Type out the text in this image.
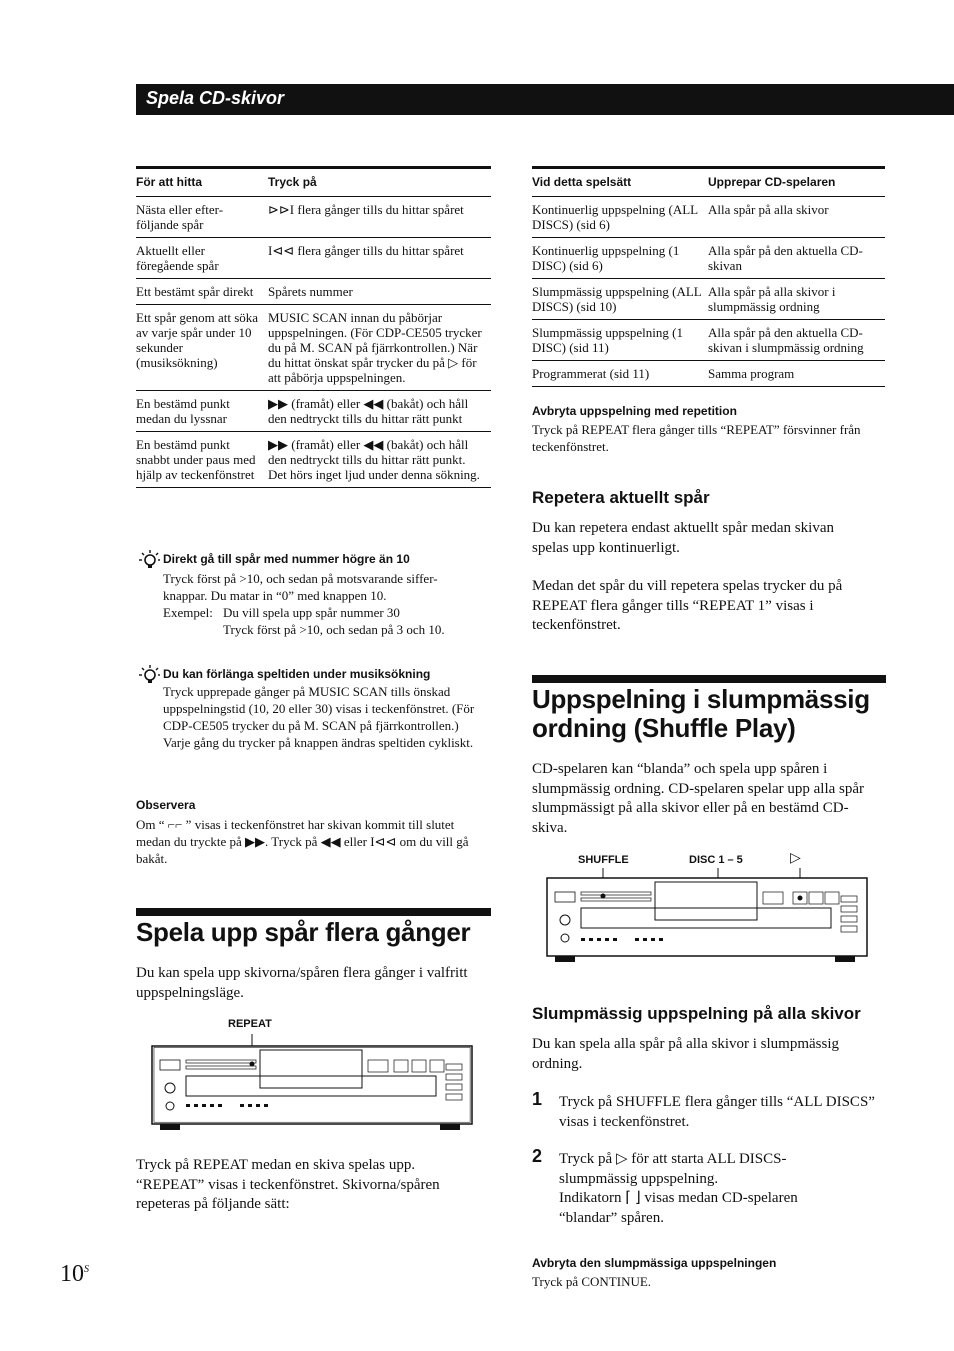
Spela CD-skivor
För att hitta	Tryck på
Nästa eller efter-följande spår	⊳⊳I flera gånger tills du hittar spåret
Aktuellt eller föregående spår	I⊲⊲ flera gånger tills du hittar spåret
Ett bestämt spår direkt	Spårets nummer
Ett spår genom att söka av varje spår under 10 sekunder (musiksökning)	MUSIC SCAN innan du påbörjar uppspelningen. (För CDP-CE505 trycker du på M. SCAN på fjärrkontrollen.) När du hittat önskat spår trycker du på ▷ för att påbörja uppspelningen.
En bestämd punkt medan du lyssnar	▶▶ (framåt) eller ◀◀ (bakåt) och håll den nedtryckt tills du hittar rätt punkt
En bestämd punkt snabbt under paus med hjälp av teckenfönstret	▶▶ (framåt) eller ◀◀ (bakåt) och håll den nedtryckt tills du hittar rätt punkt. Det hörs inget ljud under denna sökning.
Direkt gå till spår med nummer högre än 10
Tryck först på >10, och sedan på motsvarande siffer-
knappar. Du matar in “0” med knappen 10.
Exempel: Du vill spela upp spår nummer 30
Tryck först på >10, och sedan på 3 och 10.
Du kan förlänga speltiden under musiksökning
Tryck upprepade gånger på MUSIC SCAN tills önskad uppspelningstid (10, 20 eller 30) visas i teckenfönstret. (För CDP-CE505 trycker du på M. SCAN på fjärrkontrollen.) Varje gång du trycker på knappen ändras speltiden cykliskt.
Observera
Om “ ⌐⌐ ” visas i teckenfönstret har skivan kommit till slutet medan du tryckte på ▶▶. Tryck på ◀◀ eller I⊲⊲ om du vill gå bakåt.
Spela upp spår flera gånger
Du kan spela upp skivorna/spåren flera gånger i valfritt uppspelningsläge.
REPEAT
Tryck på REPEAT medan en skiva spelas upp. “REPEAT” visas i teckenfönstret. Skivorna/spåren repeteras på följande sätt:
Vid detta spelsätt	Upprepar CD-spelaren
Kontinuerlig uppspelning (ALL DISCS) (sid 6)	Alla spår på alla skivor
Kontinuerlig uppspelning (1 DISC) (sid 6)	Alla spår på den aktuella CD-skivan
Slumpmässig uppspelning (ALL DISCS) (sid 10)	Alla spår på alla skivor i slumpmässig ordning
Slumpmässig uppspelning (1 DISC) (sid 11)	Alla spår på den aktuella CD-skivan i slumpmässig ordning
Programmerat (sid 11)	Samma program
Avbryta uppspelning med repetition
Tryck på REPEAT flera gånger tills “REPEAT” försvinner från teckenfönstret.
Repetera aktuellt spår
Du kan repetera endast aktuellt spår medan skivan spelas upp kontinuerligt.
Medan det spår du vill repetera spelas trycker du på REPEAT flera gånger tills “REPEAT 1” visas i teckenfönstret.
Uppspelning i slumpmässig
ordning (Shuffle Play)
CD-spelaren kan “blanda” och spela upp spåren i slumpmässig ordning. CD-spelaren spelar upp alla spår slumpmässigt på alla skivor eller på en bestämd CD-skiva.
SHUFFLE	DISC 1 – 5	▷
Slumpmässig uppspelning på alla skivor
Du kan spela alla spår på alla skivor i slumpmässig ordning.
1 Tryck på SHUFFLE flera gånger tills “ALL DISCS” visas i teckenfönstret.
2 Tryck på ▷ för att starta ALL DISCS-
slumpmässig uppspelning.
Indikatorn ⌈ ⌋ visas medan CD-spelaren
“blandar” spåren.
Avbryta den slumpmässiga uppspelningen
Tryck på CONTINUE.
$10^S$
